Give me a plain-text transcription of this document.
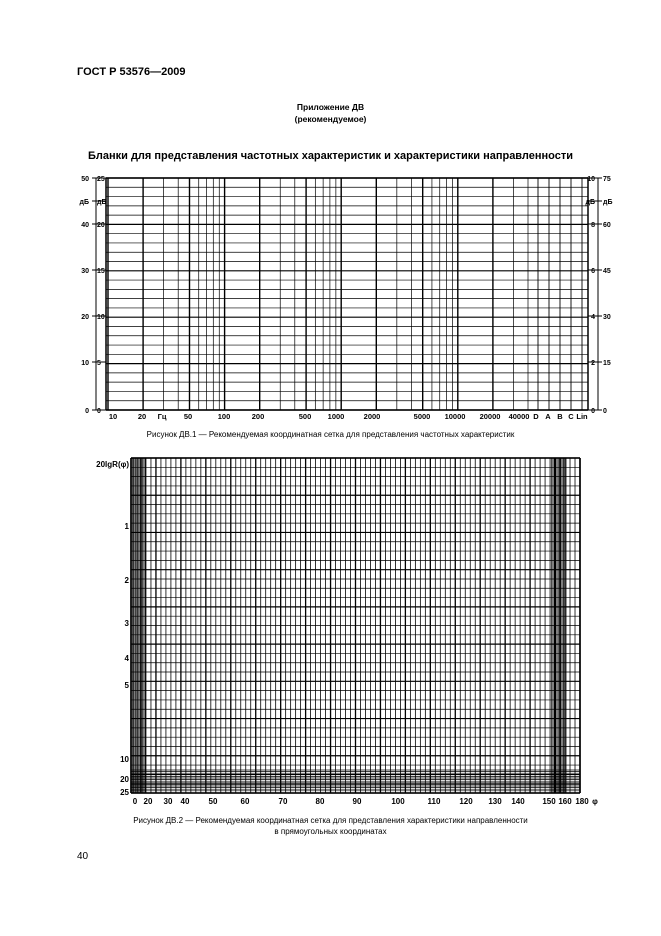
ГОСТ Р 53576—2009
Приложение ДВ
(рекомендуемое)
Бланки для представления частотных характеристик и характеристики направленности
50 25	10 75
дБ дБ	дБ дБ
40 20	8 60
30 15	6 45
20 10	4 30
10 5	2 15
0 0	0 0
10	20 Гц 50	100	200	500 1000	2000	5000 10000 20000 40000 D A B C Lin
20lgR(φ)
1
2
3
4
5
10
20
25
0 20 30 40 50	60	70	80	90	100	110 120 130 140 150 160 180 φ
Рисунок ДВ.1 — Рекомендуемая координатная сетка для представления частотных характеристик
Рисунок ДВ.2 — Рекомендуемая координатная сетка для представления характеристики направленности
в прямоугольных координатах
40
